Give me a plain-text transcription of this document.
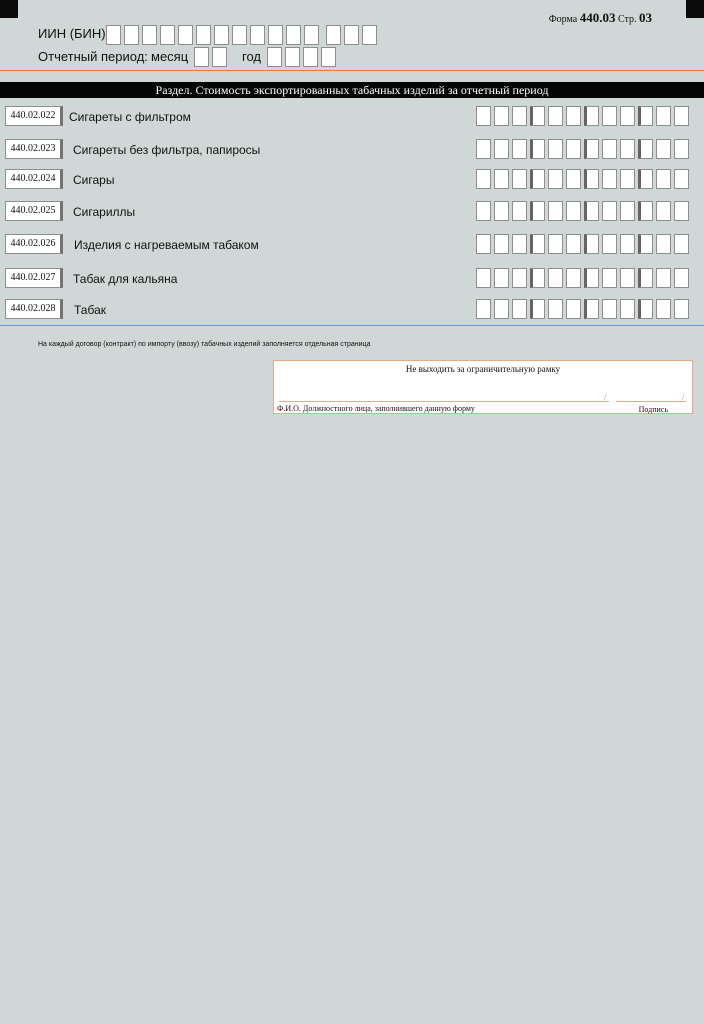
Форма 440.03 Стр. 03
ИИН (БИН)
Отчетный период: месяц	год
Раздел. Стоимость экспортированных табачных изделий за отчетный период
440.02.022	Сигареты с фильтром
440.02.023	Сигареты без фильтра, папиросы
440.02.024	Сигары
440.02.025	Сигариллы
440.02.026	Изделия с нагреваемым табаком
440.02.027	Табак для кальяна
440.02.028	Табак
На каждый договор (контракт) по импорту (ввозу) табачных изделий заполняется отдельная страница
Не выходить за ограничительную рамку
/	/
Ф.И.О. Должностного лица, заполнившего данную форму	Подпись
